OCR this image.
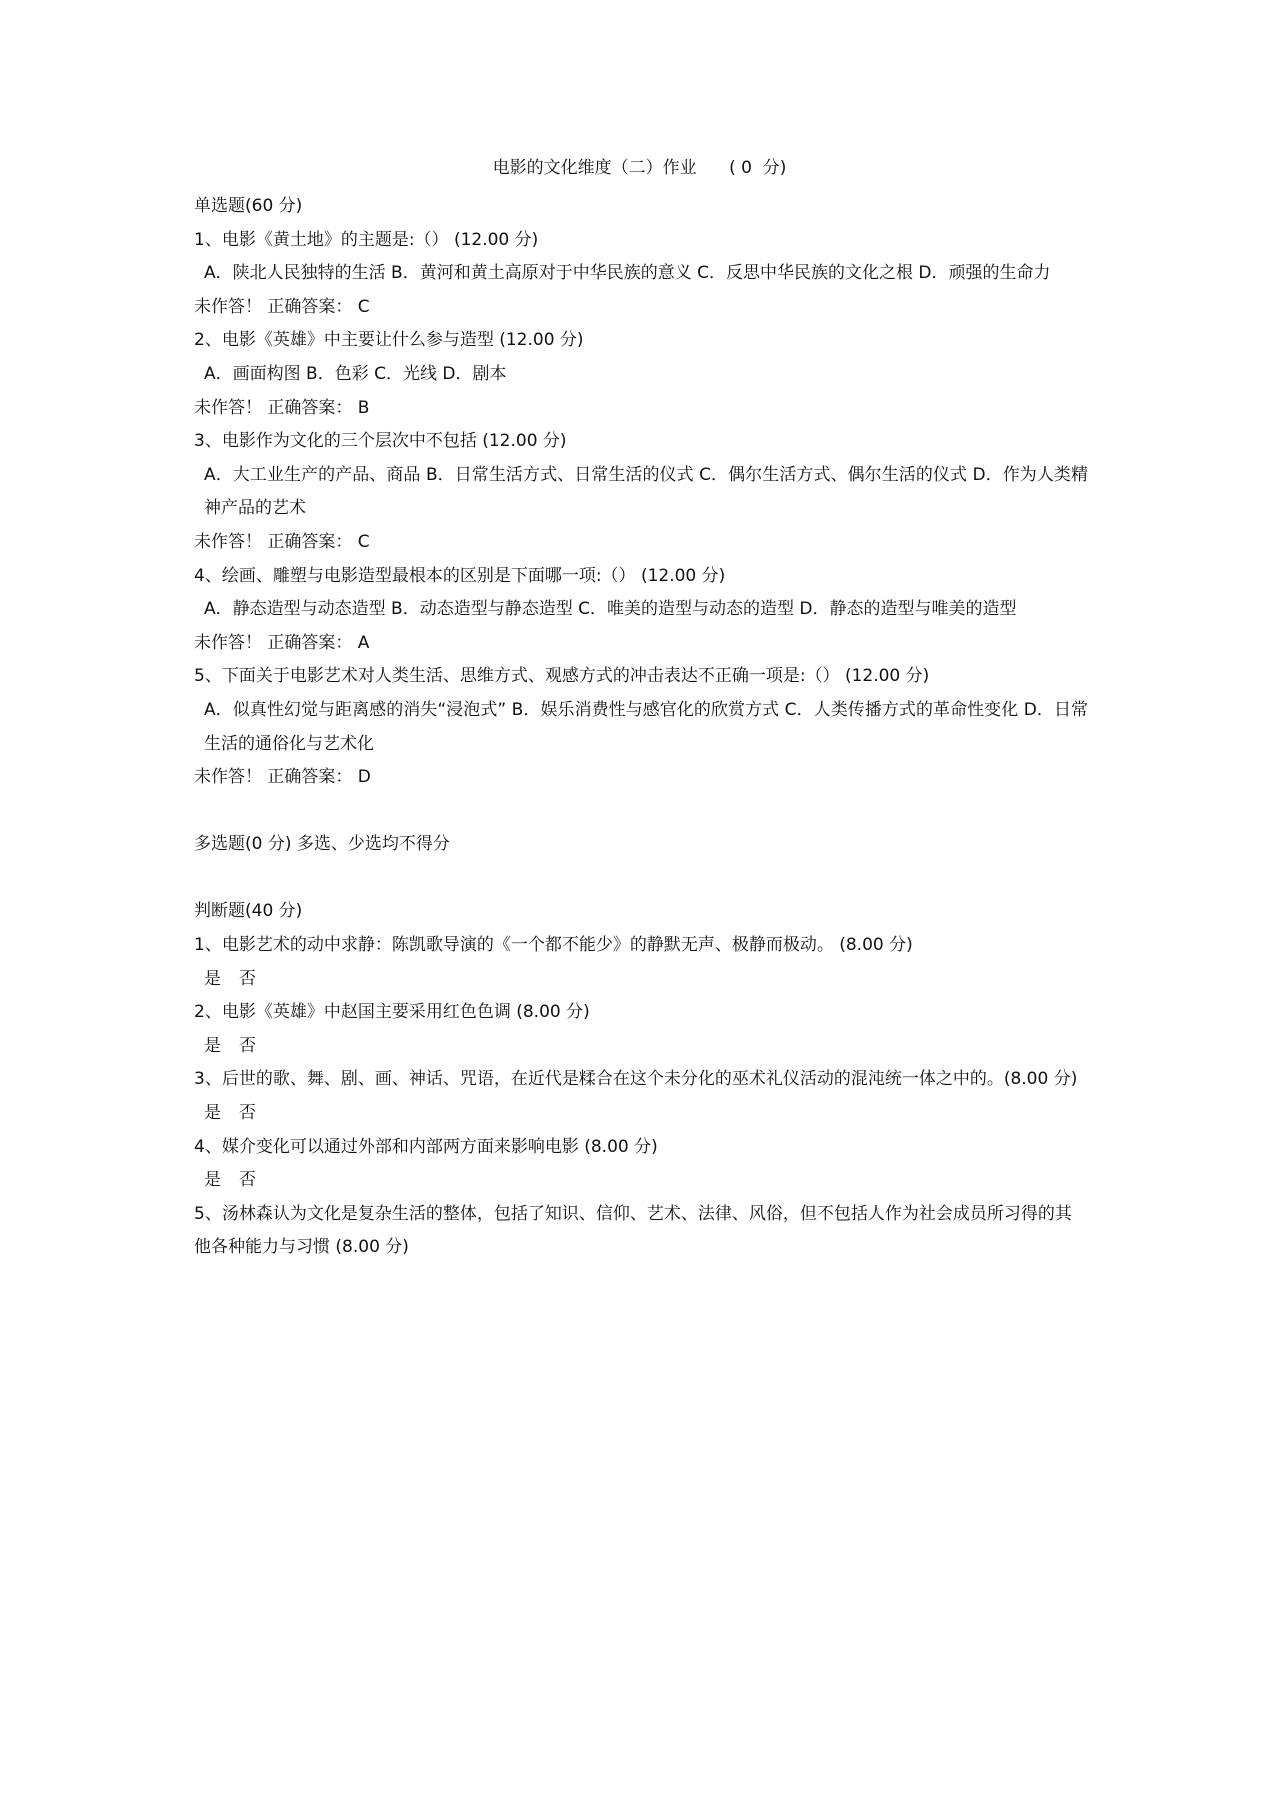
电影的文化维度（二）作业      ( 0  分)

单选题(60 分)

1、电影《黄土地》的主题是:（） (12.00 分)

A．陕北人民独特的生活 B．黄河和黄土高原对于中华民族的意义 C．反思中华民族的文化之根 D．顽强的生命力

未作答！ 正确答案： C

2、电影《英雄》中主要让什么参与造型 (12.00 分)

A．画面构图 B．色彩 C．光线 D．剧本

未作答！ 正确答案： B

3、电影作为文化的三个层次中不包括 (12.00 分)

A．大工业生产的产品、商品 B．日常生活方式、日常生活的仪式 C．偶尔生活方式、偶尔生活的仪式 D．作为人类精神产品的艺术

未作答！ 正确答案： C

4、绘画、雕塑与电影造型最根本的区别是下面哪一项:（） (12.00 分)

A．静态造型与动态造型 B．动态造型与静态造型 C．唯美的造型与动态的造型 D．静态的造型与唯美的造型

未作答！ 正确答案： A

5、下面关于电影艺术对人类生活、思维方式、观感方式的冲击表达不正确一项是:（） (12.00 分)

A．似真性幻觉与距离感的消失“浸泡式” B．娱乐消费性与感官化的欣赏方式 C．人类传播方式的革命性变化 D．日常生活的通俗化与艺术化

未作答！ 正确答案： D

多选题(0 分) 多选、少选均不得分

判断题(40 分)

1、电影艺术的动中求静：陈凯歌导演的《一个都不能少》的静默无声、极静而极动。 (8.00 分)

是 否

2、电影《英雄》中赵国主要采用红色色调 (8.00 分)

是 否

3、后世的歌、舞、剧、画、神话、咒语，在近代是糅合在这个未分化的巫术礼仪活动的混沌统一体之中的。(8.00 分)

是 否

4、媒介变化可以通过外部和内部两方面来影响电影 (8.00 分)

是 否

5、汤林森认为文化是复杂生活的整体，包括了知识、信仰、艺术、法律、风俗，但不包括人作为社会成员所习得的其他各种能力与习惯 (8.00 分)
